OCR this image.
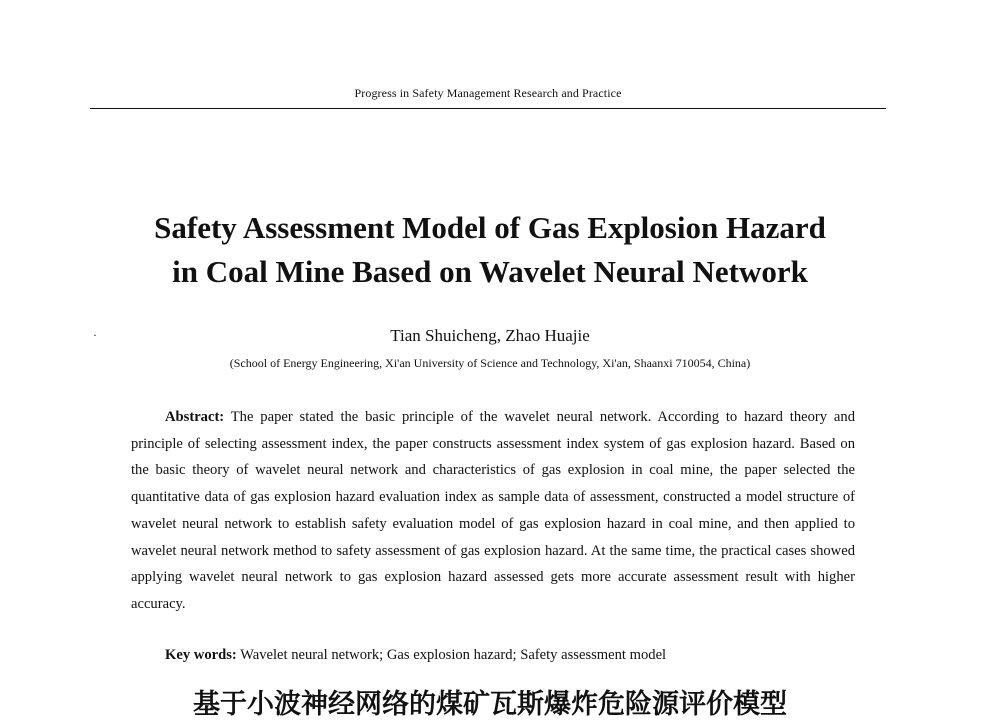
Progress in Safety Management Research and Practice
Safety Assessment Model of Gas Explosion Hazard
in Coal Mine Based on Wavelet Neural Network
·	Tian Shuicheng, Zhao Huajie
(School of Energy Engineering, Xi'an University of Science and Technology, Xi'an, Shaanxi 710054, China)

Abstract: The paper stated the basic principle of the wavelet neural network. According to hazard theory and principle of selecting assessment index, the paper constructs assessment index system of gas explosion hazard. Based on the basic theory of wavelet neural network and characteristics of gas explosion in coal mine, the paper selected the quantitative data of gas explosion hazard evaluation index as sample data of assessment, constructed a model structure of wavelet neural network to establish safety evaluation model of gas explosion hazard in coal mine, and then applied to wavelet neural network method to safety assessment of gas explosion hazard. At the same time, the practical cases showed applying wavelet neural network to gas explosion hazard assessed gets more accurate assessment result with higher accuracy.

Key words: Wavelet neural network; Gas explosion hazard; Safety assessment model

基于小波神经网络的煤矿瓦斯爆炸危险源评价模型
